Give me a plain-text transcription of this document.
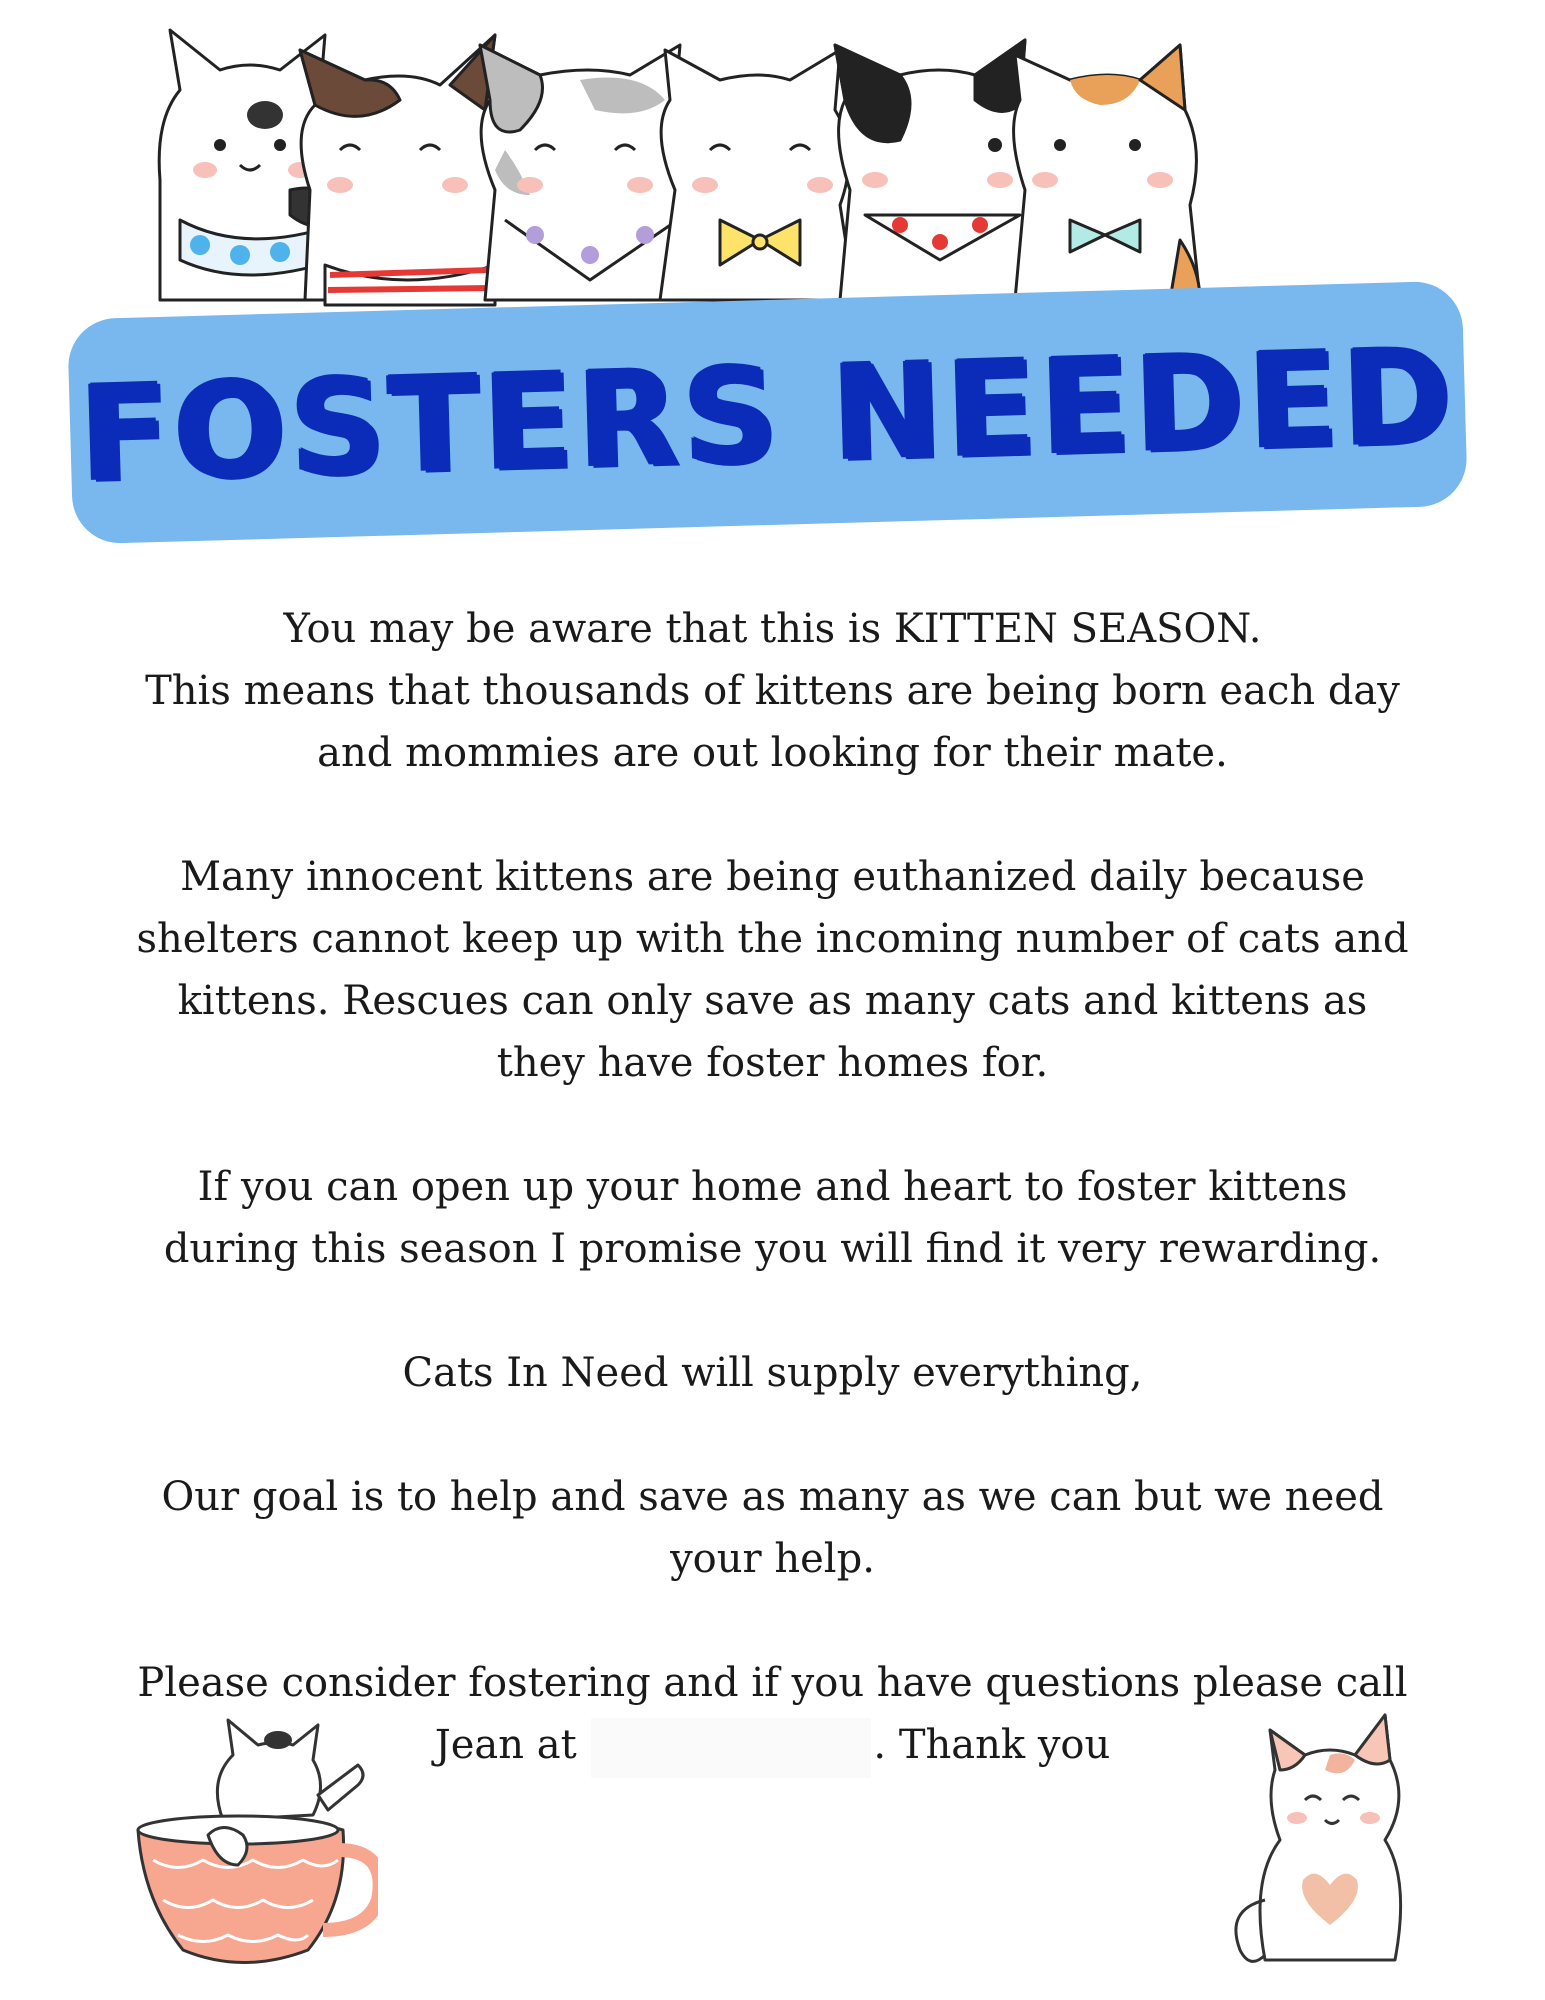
FOSTERS NEEDED

You may be aware that this is KITTEN SEASON.
This means that thousands of kittens are being born each day and mommies are out looking for their mate.

Many innocent kittens are being euthanized daily because shelters cannot keep up with the incoming number of cats and kittens. Rescues can only save as many cats and kittens as they have foster homes for.

If you can open up your home and heart to foster kittens during this season I promise you will find it very rewarding.

Cats In Need will supply everything,

Our goal is to help and save as many as we can but we need your help.

Please consider fostering and if you have questions please call Jean at	. Thank you
